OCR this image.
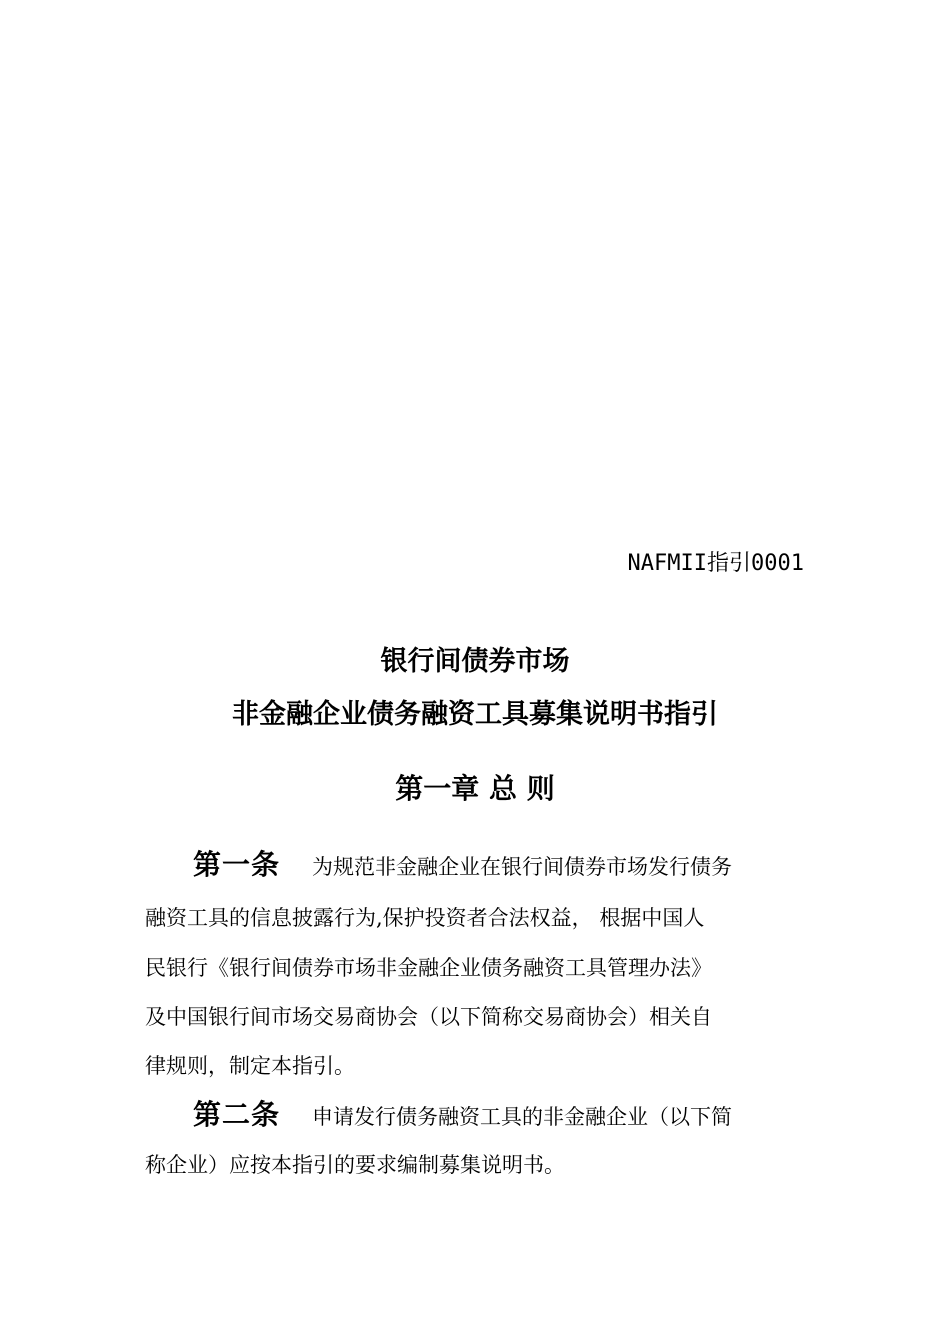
NAFMII指引0001
银行间债券市场
非金融企业债务融资工具募集说明书指引
第一章 总 则
第一条 为规范非金融企业在银行间债券市场发行债务
融资工具的信息披露行为,保护投资者合法权益， 根据中国人
民银行《银行间债券市场非金融企业债务融资工具管理办法》
及中国银行间市场交易商协会（以下简称交易商协会）相关自
律规则，制定本指引。
第二条 申请发行债务融资工具的非金融企业（以下简
称企业）应按本指引的要求编制募集说明书。
